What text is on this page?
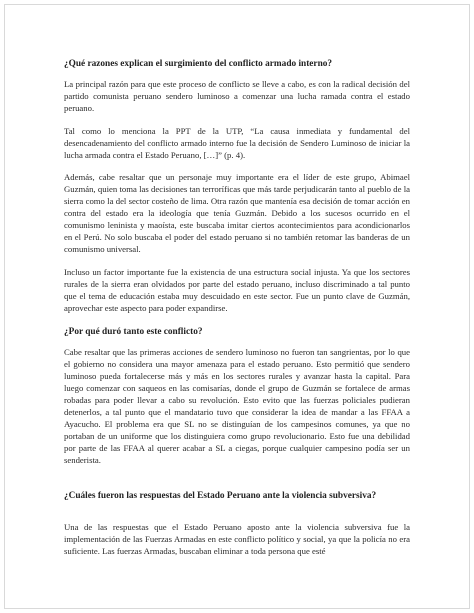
¿Qué razones explican el surgimiento del conflicto armado interno?

La principal razón para que este proceso de conflicto se lleve a cabo, es con la radical decisión del partido comunista peruano sendero luminoso a comenzar una lucha ramada contra el estado peruano.

Tal como lo menciona la PPT de la UTP, “La causa inmediata y fundamental del desencadenamiento del conflicto armado interno fue la decisión de Sendero Luminoso de iniciar la lucha armada contra el Estado Peruano, […]” (p. 4).

Además, cabe resaltar que un personaje muy importante era el líder de este grupo, Abimael Guzmán, quien toma las decisiones tan terroríficas que más tarde perjudicarán tanto al pueblo de la sierra como la del sector costeño de lima. Otra razón que mantenía esa decisión de tomar acción en contra del estado era la ideología que tenía Guzmán. Debido a los sucesos ocurrido en el comunismo leninista y maoísta, este buscaba imitar ciertos acontecimientos para acondicionarlos en el Perú. No solo buscaba el poder del estado peruano si no también retomar las banderas de un comunismo universal.

Incluso un factor importante fue la existencia de una estructura social injusta. Ya que los sectores rurales de la sierra eran olvidados por parte del estado peruano, incluso discriminado a tal punto que el tema de educación estaba muy descuidado en este sector. Fue un punto clave de Guzmán, aprovechar este aspecto para poder expandirse.

¿Por qué duró tanto este conflicto?

Cabe resaltar que las primeras acciones de sendero luminoso no fueron tan sangrientas, por lo que el gobierno no considera una mayor amenaza para el estado peruano. Esto permitió que sendero luminoso pueda fortalecerse más y más en los sectores rurales y avanzar hasta la capital. Para luego comenzar con saqueos en las comisarías, donde el grupo de Guzmán se fortalece de armas robadas para poder llevar a cabo su revolución. Esto evito que las fuerzas policiales pudieran detenerlos, a tal punto que el mandatario tuvo que considerar la idea de mandar a las FFAA a Ayacucho. El problema era que SL no se distinguían de los campesinos comunes, ya que no portaban de un uniforme que los distinguiera como grupo revolucionario. Esto fue una debilidad por parte de las FFAA al querer acabar a SL a ciegas, porque cualquier campesino podía ser un senderista.

¿Cuáles fueron las respuestas del Estado Peruano ante la violencia subversiva?

Una de las respuestas que el Estado Peruano aposto ante la violencia subversiva fue la implementación de las Fuerzas Armadas en este conflicto político y social, ya que la policía no era suficiente. Las fuerzas Armadas, buscaban eliminar a toda persona que esté
